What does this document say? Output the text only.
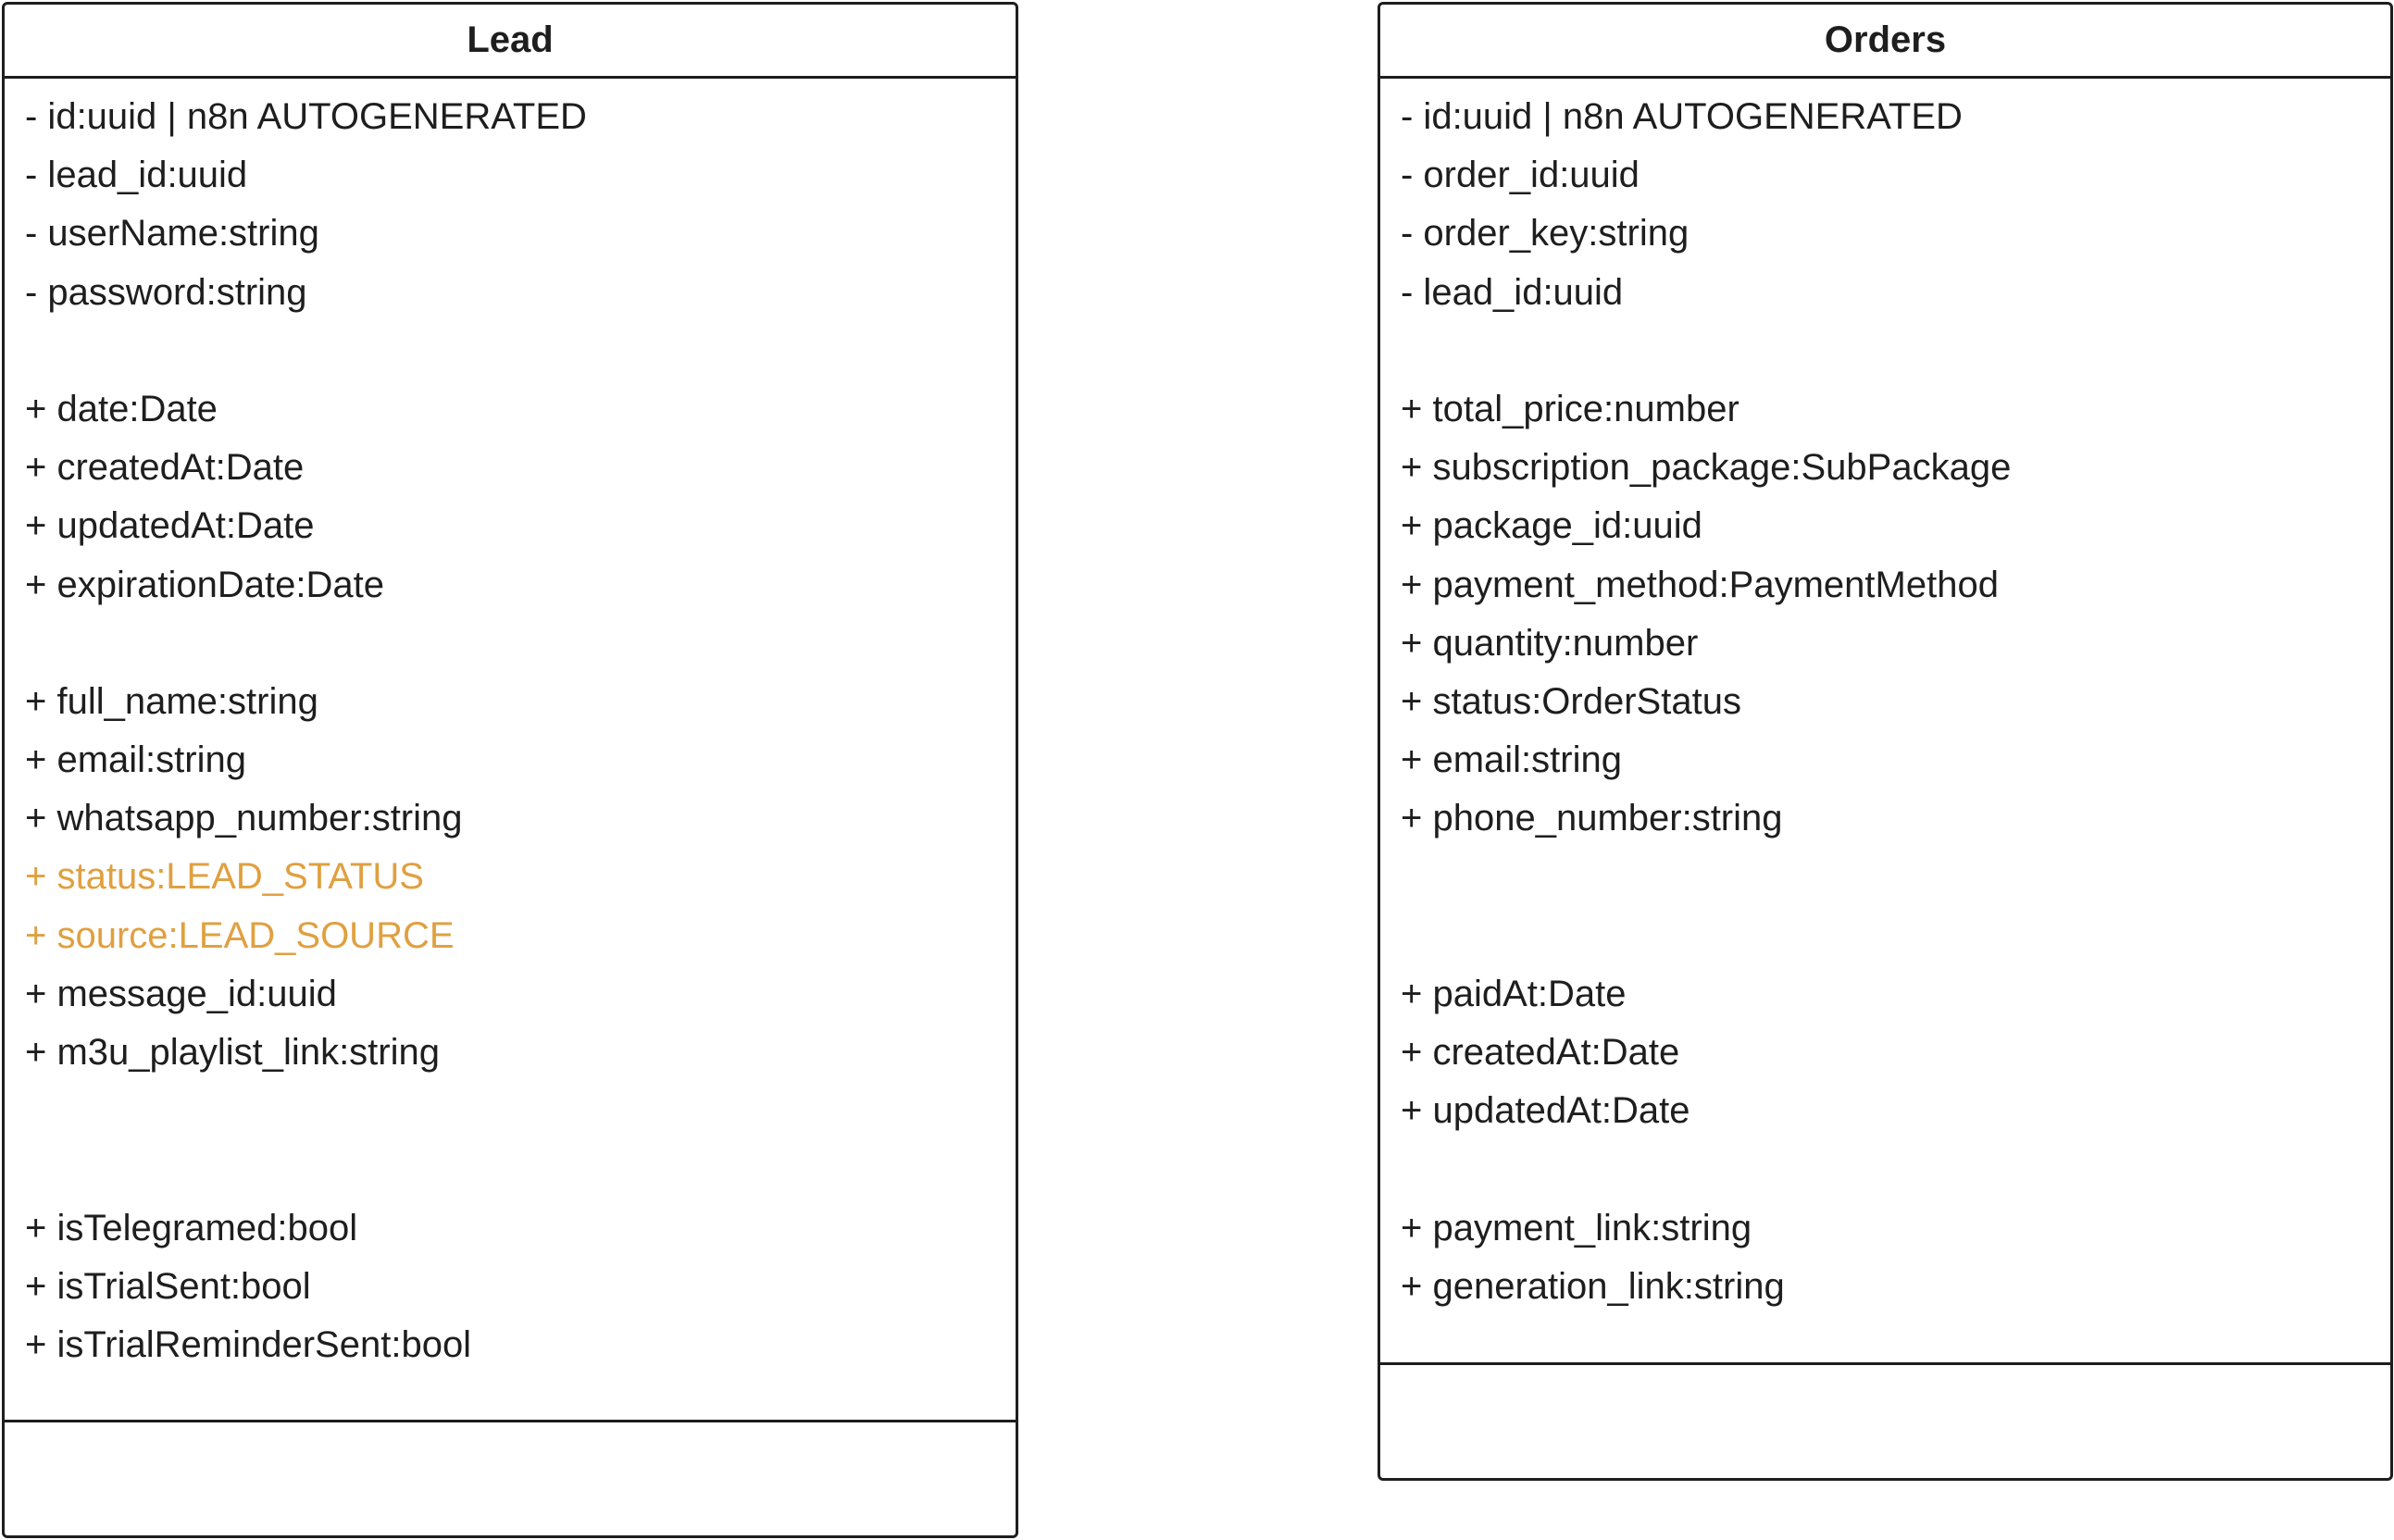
Lead
- id:uuid | n8n AUTOGENERATED
- lead_id:uuid
- userName:string
- password:string
+ date:Date
+ createdAt:Date
+ updatedAt:Date
+ expirationDate:Date
+ full_name:string
+ email:string
+ whatsapp_number:string
+ status:LEAD_STATUS
+ source:LEAD_SOURCE
+ message_id:uuid
+ m3u_playlist_link:string
+ isTelegramed:bool
+ isTrialSent:bool
+ isTrialReminderSent:bool
Orders
- id:uuid | n8n AUTOGENERATED
- order_id:uuid
- order_key:string
- lead_id:uuid
+ total_price:number
+ subscription_package:SubPackage
+ package_id:uuid
+ payment_method:PaymentMethod
+ quantity:number
+ status:OrderStatus
+ email:string
+ phone_number:string
+ paidAt:Date
+ createdAt:Date
+ updatedAt:Date
+ payment_link:string
+ generation_link:string
